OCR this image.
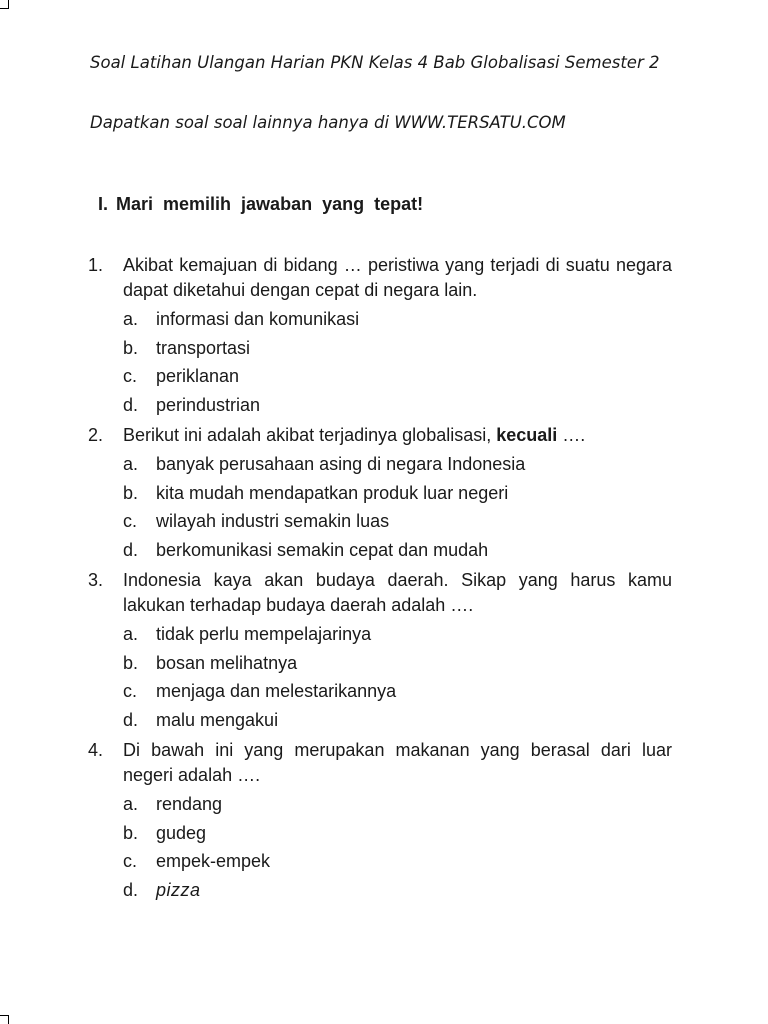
Soal Latihan Ulangan Harian PKN Kelas 4 Bab Globalisasi Semester 2
Dapatkan soal soal lainnya hanya di WWW.TERSATU.COM
I. Mari memilih jawaban yang tepat!
1.	Akibat kemajuan di bidang … peristiwa yang terjadi di suatu negara dapat diketahui dengan cepat di negara lain.
a. informasi dan komunikasi
b. transportasi
c.	periklanan
d. perindustrian
2.	Berikut ini adalah akibat terjadinya globalisasi, kecuali ….
a. banyak perusahaan asing di negara Indonesia
b. kita mudah mendapatkan produk luar negeri
c.	wilayah industri semakin luas
d. berkomunikasi semakin cepat dan mudah
3.	Indonesia kaya akan budaya daerah. Sikap yang harus kamu lakukan terhadap budaya daerah adalah ….
a. tidak perlu mempelajarinya
b. bosan melihatnya
c.	menjaga dan melestarikannya
d. malu mengakui
4.	Di bawah ini yang merupakan makanan yang berasal dari luar negeri adalah ….
a. rendang
b. gudeg
c.	empek-empek
d. pizza
